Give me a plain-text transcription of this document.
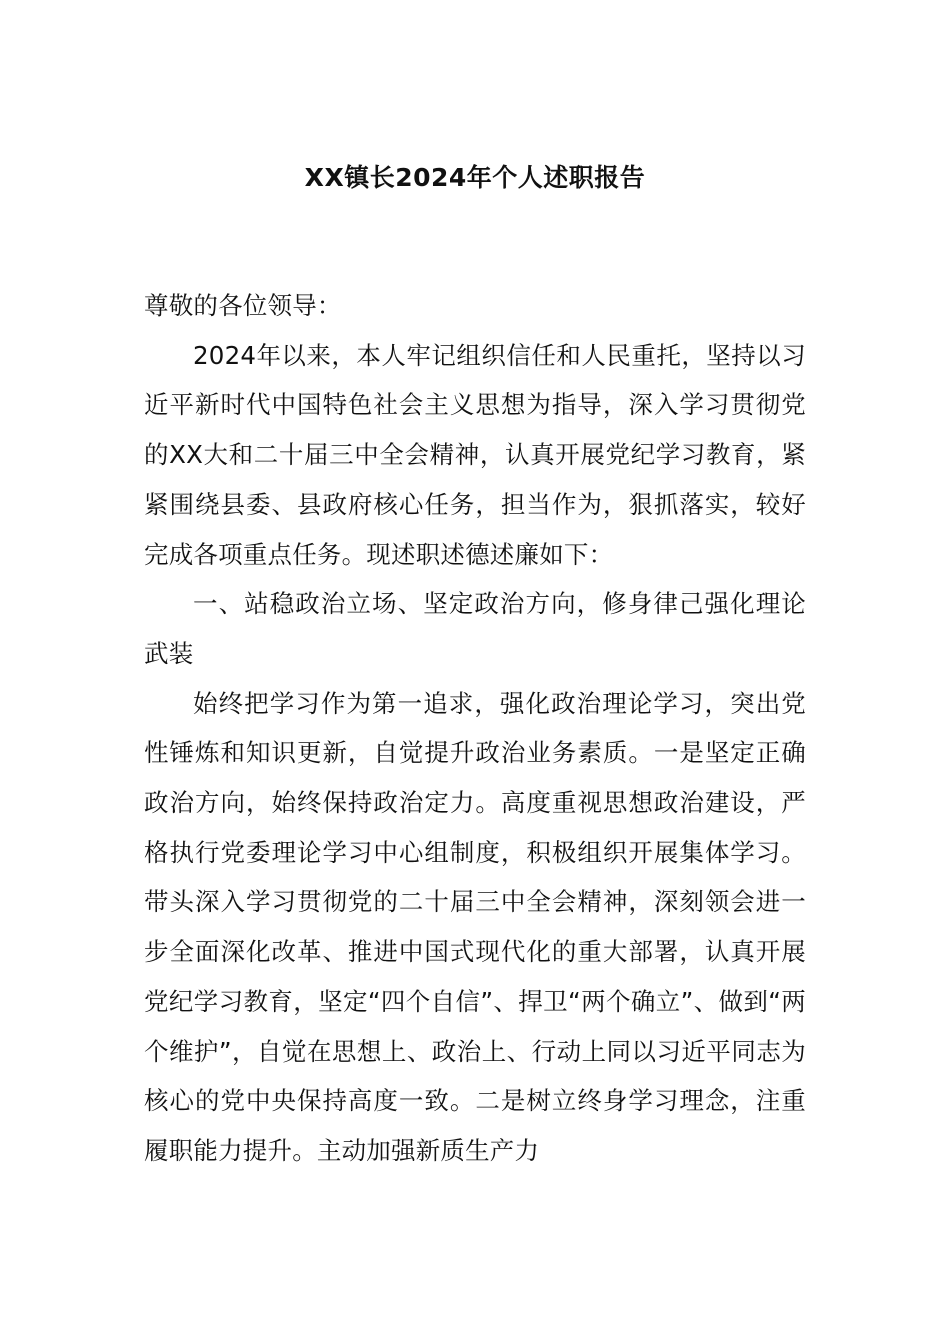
XX镇长2024年个人述职报告

尊敬的各位领导：

2024年以来，本人牢记组织信任和人民重托，坚持以习近平新时代中国特色社会主义思想为指导，深入学习贯彻党的XX大和二十届三中全会精神，认真开展党纪学习教育，紧紧围绕县委、县政府核心任务，担当作为，狠抓落实，较好完成各项重点任务。现述职述德述廉如下：

一、站稳政治立场、坚定政治方向，修身律己强化理论武装

始终把学习作为第一追求，强化政治理论学习，突出党性锤炼和知识更新，自觉提升政治业务素质。一是坚定正确政治方向，始终保持政治定力。高度重视思想政治建设，严格执行党委理论学习中心组制度，积极组织开展集体学习。带头深入学习贯彻党的二十届三中全会精神，深刻领会进一步全面深化改革、推进中国式现代化的重大部署，认真开展党纪学习教育，坚定“四个自信”、捍卫“两个确立”、做到“两个维护”，自觉在思想上、政治上、行动上同以习近平同志为核心的党中央保持高度一致。二是树立终身学习理念，注重履职能力提升。主动加强新质生产力
